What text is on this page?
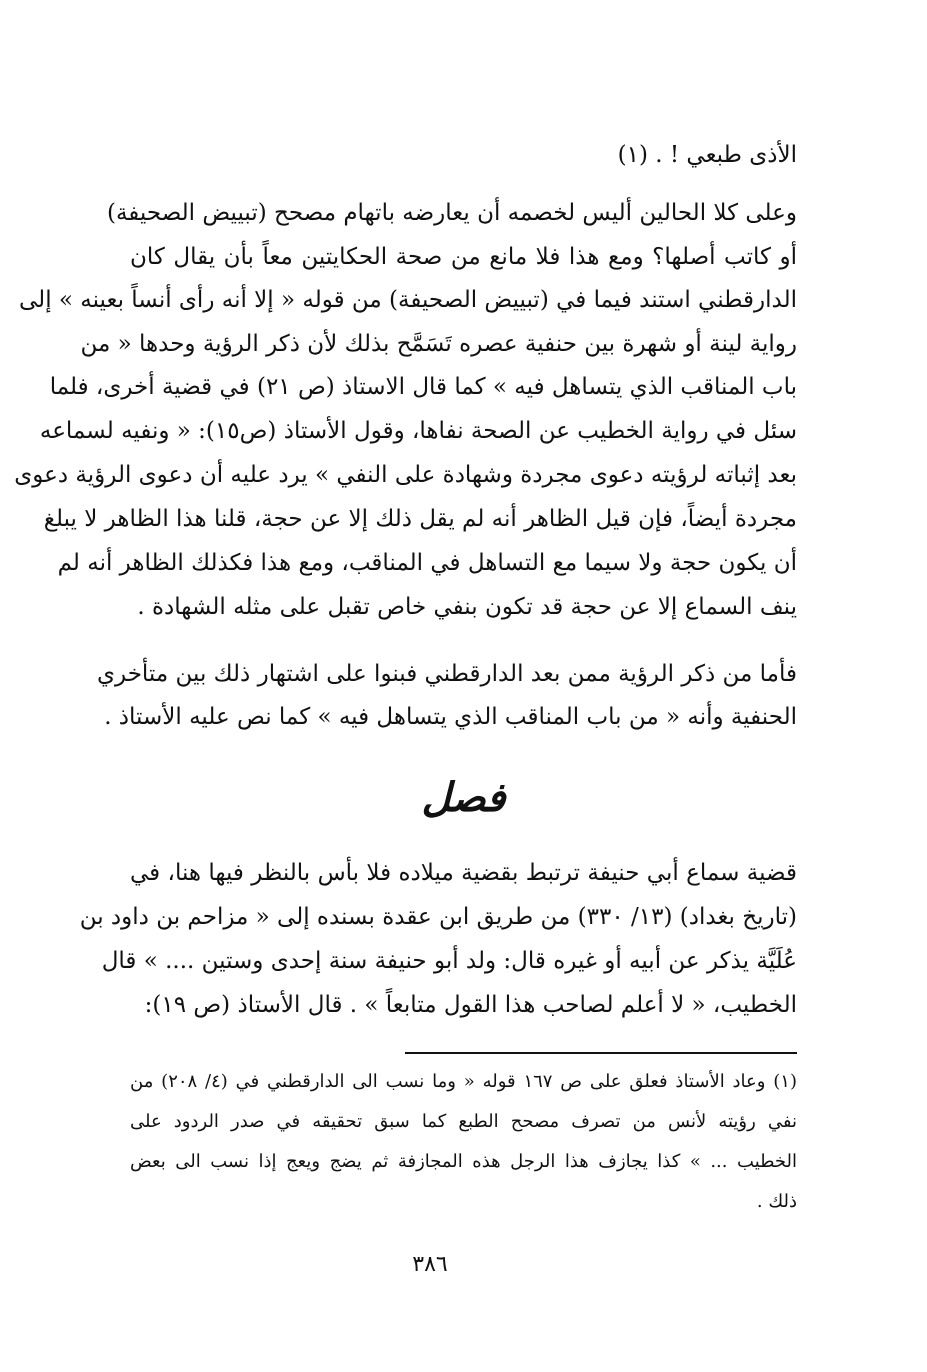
الأذى طبعي ! . (١)
وعلى كلا الحالين أليس لخصمه أن يعارضه باتهام مصحح (تبييض الصحيفة)
أو كاتب أصلها؟ ومع هذا فلا مانع من صحة الحكايتين معاً بأن يقال كان
الدارقطني استند فيما في (تبييض الصحيفة) من قوله « إلا أنه رأى أنساً بعينه » إلى
رواية لينة أو شهرة بين حنفية عصره تَسَمَّح بذلك لأن ذكر الرؤية وحدها « من
باب المناقب الذي يتساهل فيه » كما قال الاستاذ (ص ٢١) في قضية أخرى، فلما
سئل في رواية الخطيب عن الصحة نفاها، وقول الأستاذ (ص١٥): « ونفيه لسماعه
بعد إثباته لرؤيته دعوى مجردة وشهادة على النفي » يرد عليه أن دعوى الرؤية دعوى
مجردة أيضاً، فإن قيل الظاهر أنه لم يقل ذلك إلا عن حجة، قلنا هذا الظاهر لا يبلغ
أن يكون حجة ولا سيما مع التساهل في المناقب، ومع هذا فكذلك الظاهر أنه لم
ينف السماع إلا عن حجة قد تكون بنفي خاص تقبل على مثله الشهادة .
فأما من ذكر الرؤية ممن بعد الدارقطني فبنوا على اشتهار ذلك بين متأخري
الحنفية وأنه « من باب المناقب الذي يتساهل فيه » كما نص عليه الأستاذ .
فصل
قضية سماع أبي حنيفة ترتبط بقضية ميلاده فلا بأس بالنظر فيها هنا، في
(تاريخ بغداد) (١٣/ ٣٣٠) من طريق ابن عقدة بسنده إلى « مزاحم بن داود بن
عُلَيَّة يذكر عن أبيه أو غيره قال: ولد أبو حنيفة سنة إحدى وستين .... » قال
الخطيب، « لا أعلم لصاحب هذا القول متابعاً » . قال الأستاذ (ص ١٩):
(١) وعاد الأستاذ فعلق على ص ١٦٧ قوله « وما نسب الى الدارقطني في (٤/ ٢٠٨) من
نفي رؤيته لأنس من تصرف مصحح الطبع كما سبق تحقيقه في صدر الردود على
الخطيب ... » كذا يجازف هذا الرجل هذه المجازفة ثم يضج ويعج إذا نسب الى بعض
ذلك .
٣٨٦
